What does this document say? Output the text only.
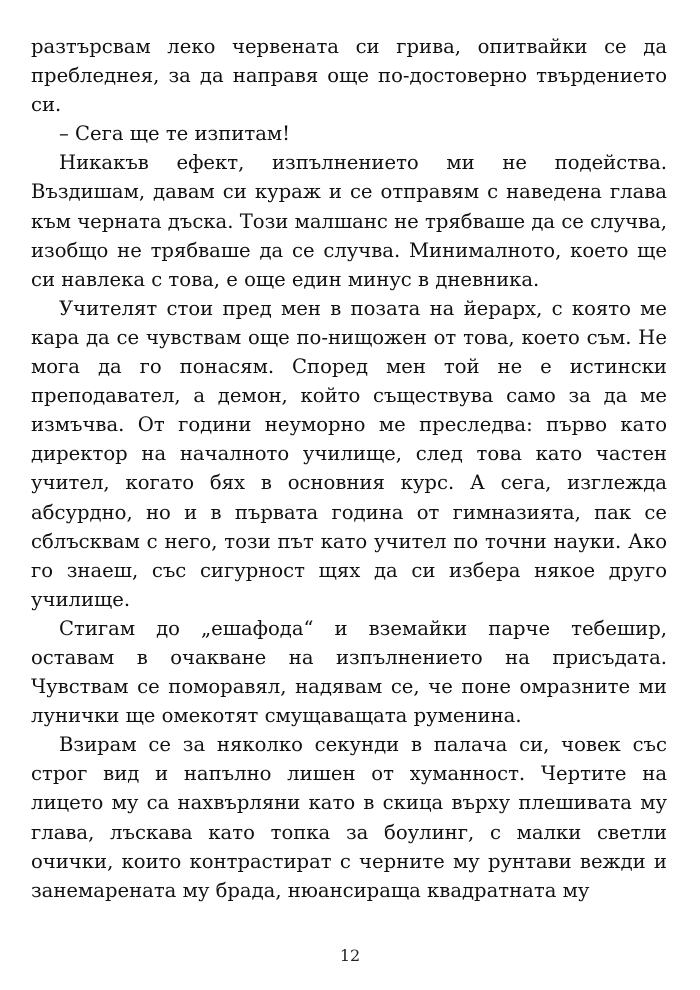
разтърсвам леко червената си грива, опитвайки се да пребледнея, за да направя още по-достоверно твърдението си.

– Сега ще те изпитам!

Никакъв ефект, изпълнението ми не подейства. Въздишам, давам си кураж и се отправям с наведена глава към черната дъска. Този малшанс не трябваше да се случва, изобщо не трябваше да се случва. Минималното, което ще си навлека с това, е още един минус в дневника.

Учителят стои пред мен в позата на йерарх, с която ме кара да се чувствам още по-нищожен от това, което съм. Не мога да го понасям. Според мен той не е истински преподавател, а демон, който съществува само за да ме измъчва. От години неуморно ме преследва: първо като директор на началното училище, след това като частен учител, когато бях в основния курс. А сега, изглежда абсурдно, но и в първата година от гимназията, пак се сблъсквам с него, този път като учител по точни науки. Ако го знаеш, със сигурност щях да си избера някое друго училище.

Стигам до „ешафода“ и вземайки парче тебешир, оставам в очакване на изпълнението на присъдата. Чувствам се поморавял, надявам се, че поне омразните ми лунички ще омекотят смущаващата руменина.

Взирам се за няколко секунди в палача си, човек със строг вид и напълно лишен от хуманност. Чертите на лицето му са нахвърляни като в скица върху плешивата му глава, лъскава като топка за боулинг, с малки светли очички, които контрастират с черните му рунтави вежди и занемарената му брада, нюансираща квадратната му

12
